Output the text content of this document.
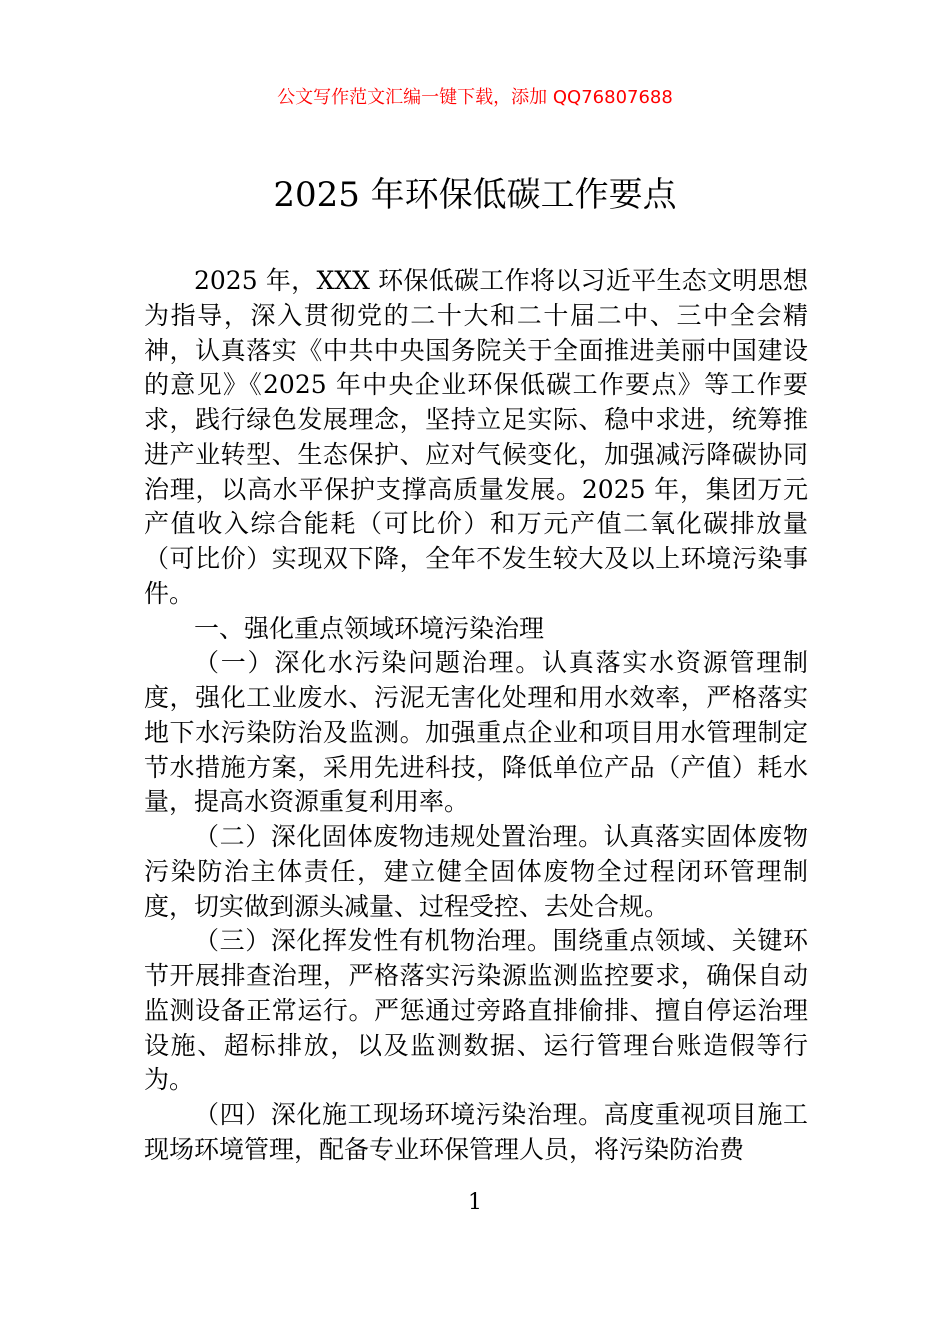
公文写作范文汇编一键下载，添加 QQ76807688
2025 年环保低碳工作要点

2025 年，XXX 环保低碳工作将以习近平生态文明思想为指导，深入贯彻党的二十大和二十届二中、三中全会精神，认真落实《中共中央国务院关于全面推进美丽中国建设的意见》《2025 年中央企业环保低碳工作要点》等工作要求，践行绿色发展理念，坚持立足实际、稳中求进，统筹推进产业转型、生态保护、应对气候变化，加强减污降碳协同治理，以高水平保护支撑高质量发展。2025 年，集团万元产值收入综合能耗（可比价）和万元产值二氧化碳排放量（可比价）实现双下降，全年不发生较大及以上环境污染事件。

一、强化重点领域环境污染治理

（一）深化水污染问题治理。认真落实水资源管理制度，强化工业废水、污泥无害化处理和用水效率，严格落实地下水污染防治及监测。加强重点企业和项目用水管理制定节水措施方案，采用先进科技，降低单位产品（产值）耗水量，提高水资源重复利用率。

（二）深化固体废物违规处置治理。认真落实固体废物污染防治主体责任，建立健全固体废物全过程闭环管理制度，切实做到源头减量、过程受控、去处合规。

（三）深化挥发性有机物治理。围绕重点领域、关键环节开展排查治理，严格落实污染源监测监控要求，确保自动监测设备正常运行。严惩通过旁路直排偷排、擅自停运治理设施、超标排放，以及监测数据、运行管理台账造假等行为。

（四）深化施工现场环境污染治理。高度重视项目施工现场环境管理，配备专业环保管理人员，将污染防治费

1
